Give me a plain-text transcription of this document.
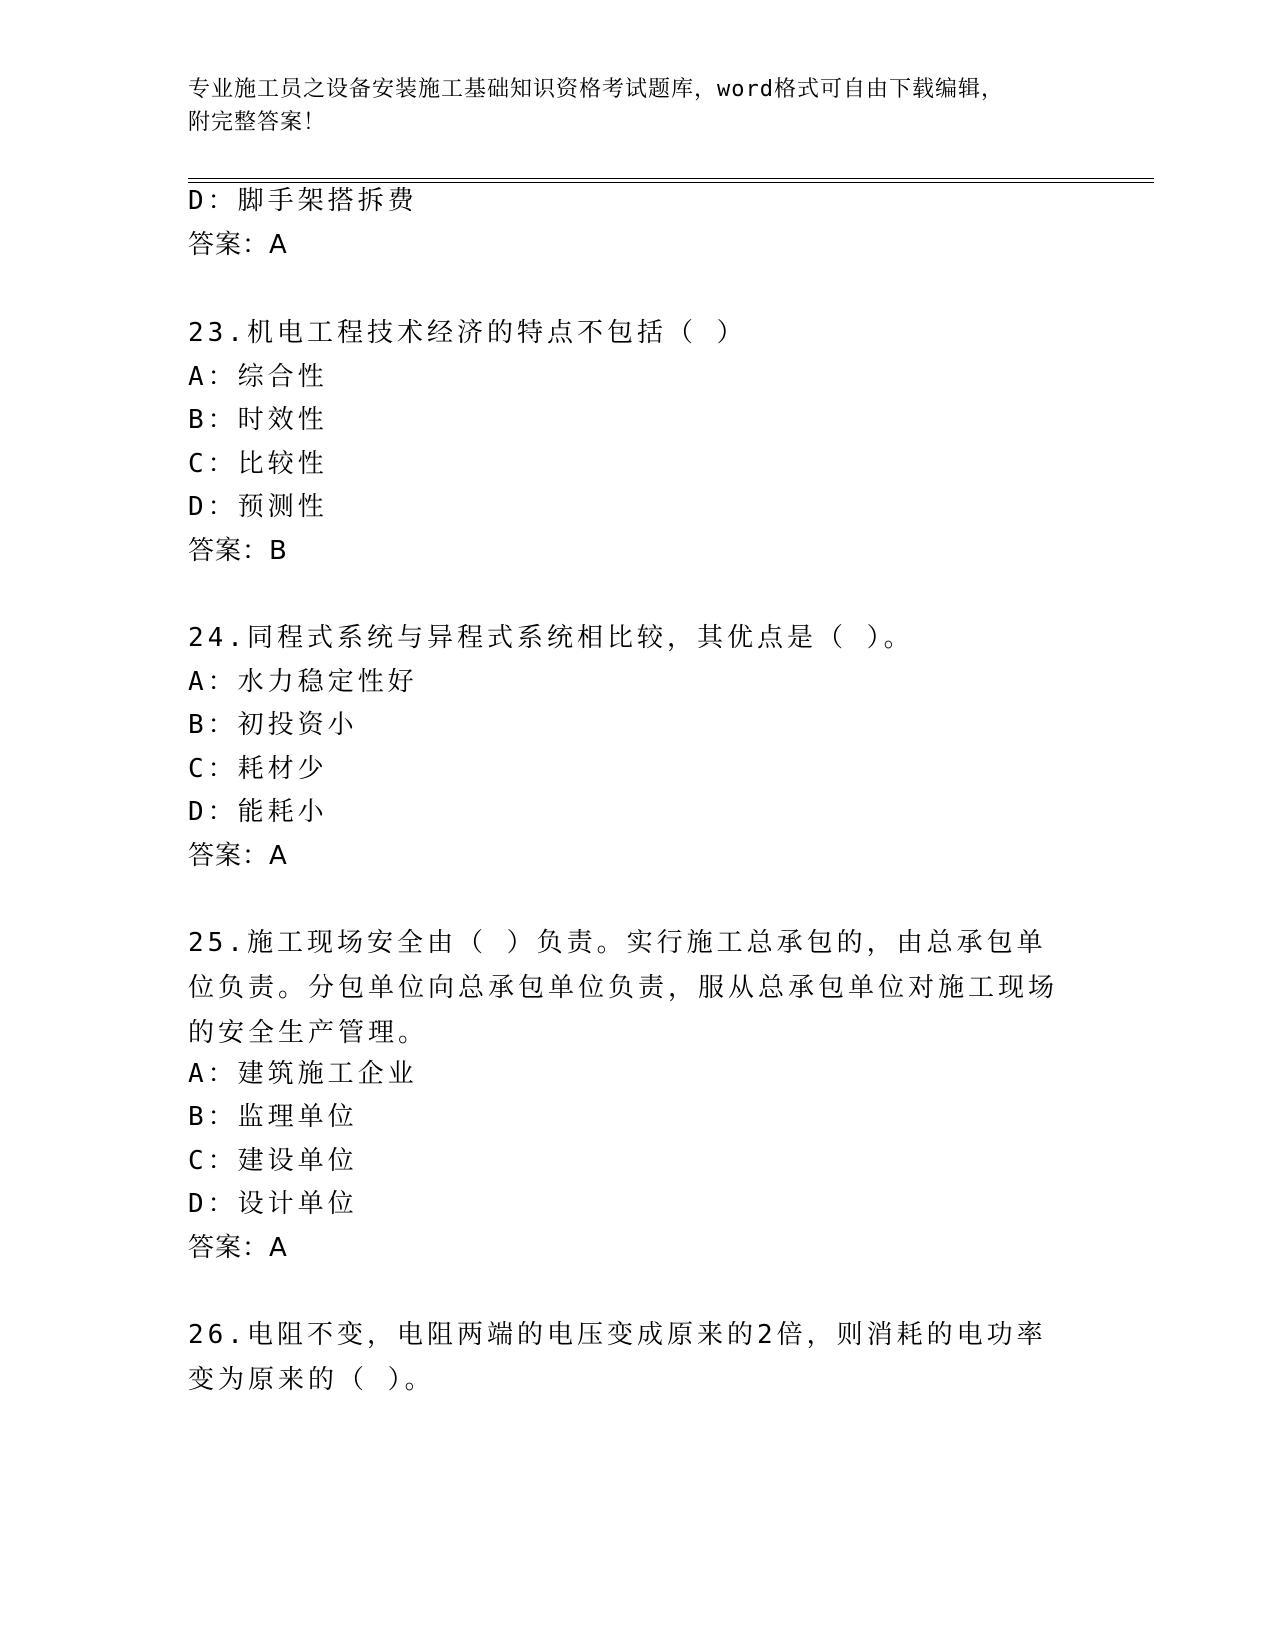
专业施工员之设备安装施工基础知识资格考试题库，word格式可自由下载编辑，
附完整答案！
D：脚手架搭拆费
答案：A
23.机电工程技术经济的特点不包括（ ）
A：综合性
B：时效性
C：比较性
D：预测性
答案：B
24.同程式系统与异程式系统相比较，其优点是（ ）。
A：水力稳定性好
B：初投资小
C：耗材少
D：能耗小
答案：A
25.施工现场安全由（ ）负责。实行施工总承包的，由总承包单位负责。分包单位向总承包单位负责，服从总承包单位对施工现场的安全生产管理。
A：建筑施工企业
B：监理单位
C：建设单位
D：设计单位
答案：A
26.电阻不变，电阻两端的电压变成原来的2倍，则消耗的电功率变为原来的（ ）。
